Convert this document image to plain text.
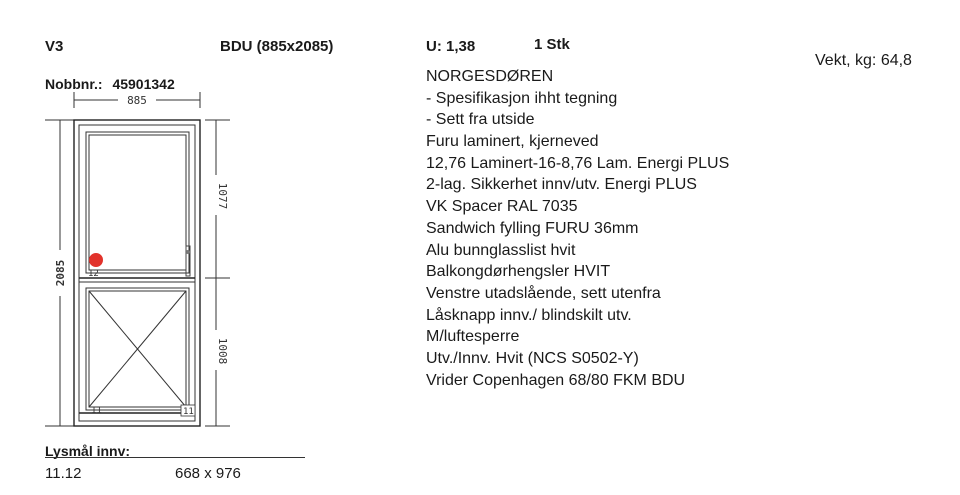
V3	BDU (885x2085)	U: 1,38	1 Stk
Vekt, kg: 64,8
Nobbnr.: 45901342
885
2085
1077
1008
12
11	11
NORGESDØREN
- Spesifikasjon ihht tegning
- Sett fra utside
Furu laminert, kjerneved
12,76 Laminert-16-8,76 Lam. Energi PLUS
2-lag. Sikkerhet innv/utv. Energi PLUS
VK Spacer RAL 7035
Sandwich fylling FURU 36mm
Alu bunnglasslist hvit
Balkongdørhengsler HVIT
Venstre utadslående, sett utenfra
Låsknapp innv./ blindskilt utv.
M/luftesperre
Utv./Innv. Hvit (NCS S0502-Y)
Vrider Copenhagen 68/80 FKM BDU
Lysmål innv:
11.12	668 x 976
